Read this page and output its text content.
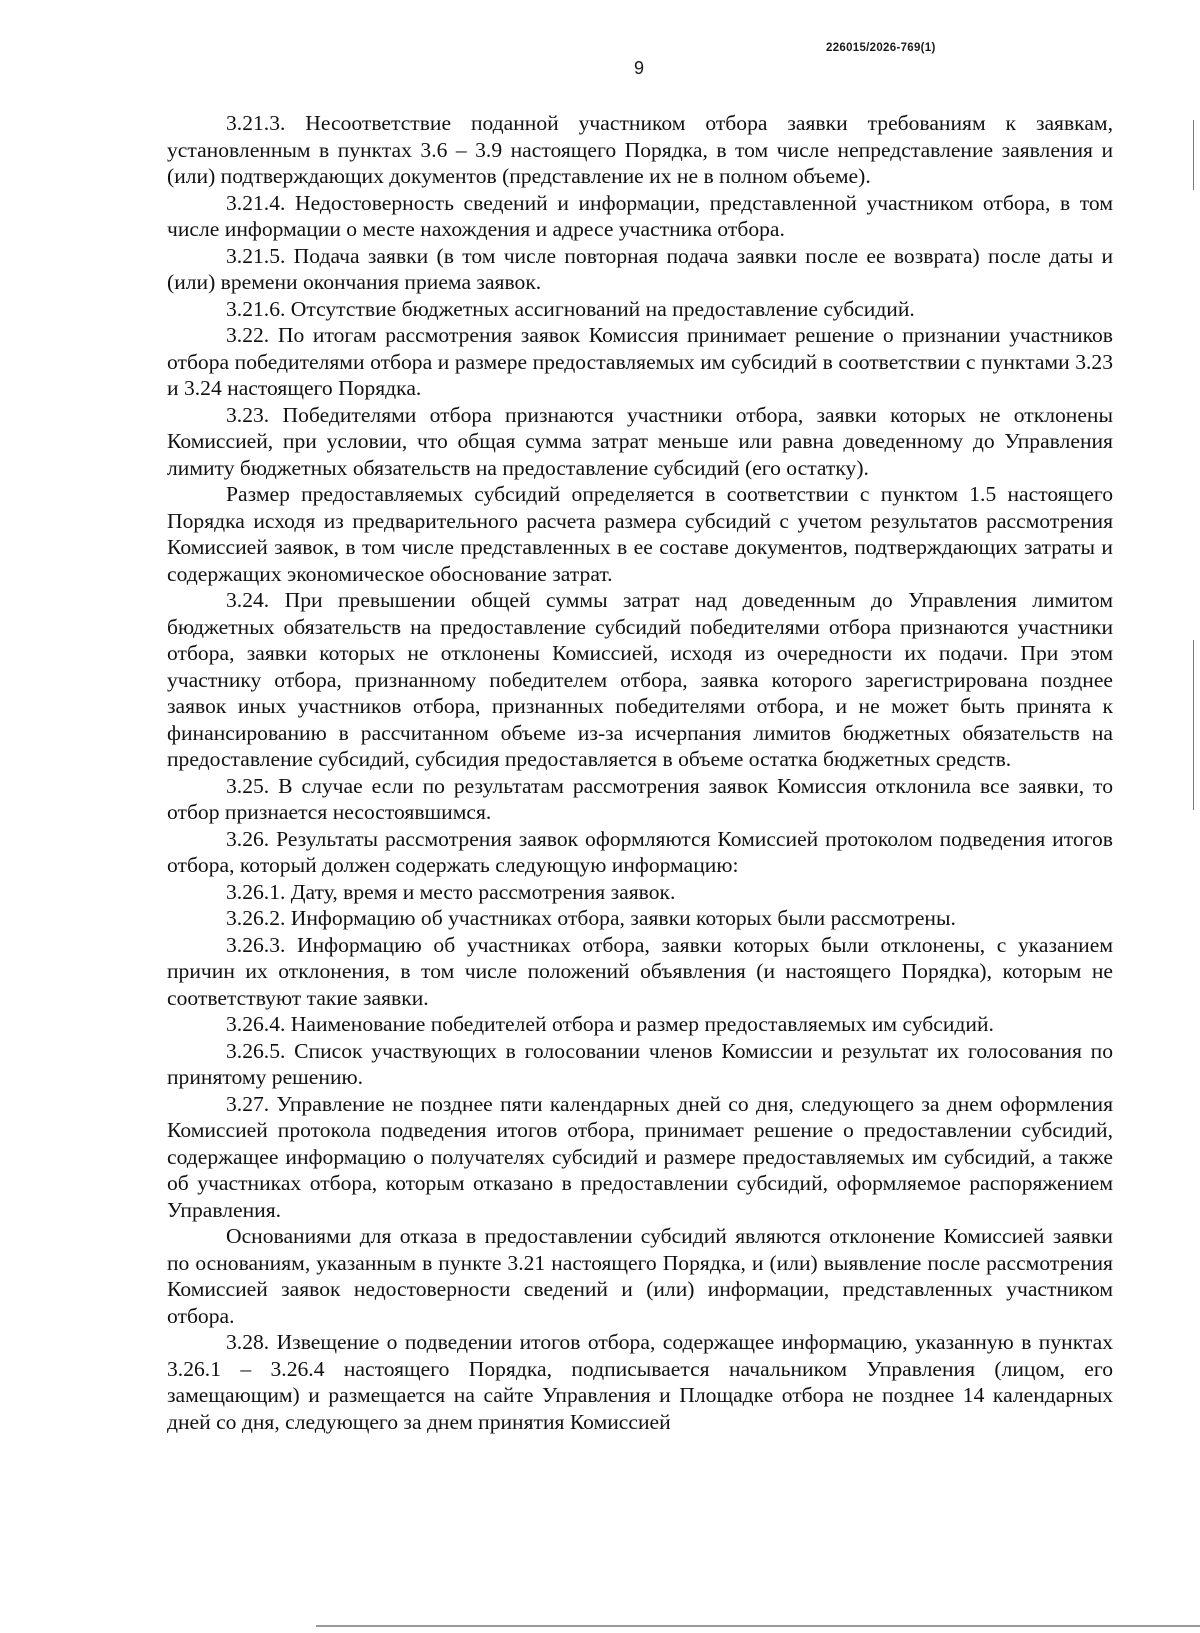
226015/2026-769(1)
9

3.21.3. Несоответствие поданной участником отбора заявки требованиям к заявкам, установленным в пунктах 3.6 – 3.9 настоящего Порядка, в том числе непредставление заявления и (или) подтверждающих документов (представление их не в полном объеме).

3.21.4. Недостоверность сведений и информации, представленной участником отбора, в том числе информации о месте нахождения и адресе участника отбора.

3.21.5. Подача заявки (в том числе повторная подача заявки после ее возврата) после даты и (или) времени окончания приема заявок.

3.21.6. Отсутствие бюджетных ассигнований на предоставление субсидий.

3.22. По итогам рассмотрения заявок Комиссия принимает решение о признании участников отбора победителями отбора и размере предоставляемых им субсидий в соответствии с пунктами 3.23 и 3.24 настоящего Порядка.

3.23. Победителями отбора признаются участники отбора, заявки которых не отклонены Комиссией, при условии, что общая сумма затрат меньше или равна доведенному до Управления лимиту бюджетных обязательств на предоставление субсидий (его остатку).

Размер предоставляемых субсидий определяется в соответствии с пунктом 1.5 настоящего Порядка исходя из предварительного расчета размера субсидий с учетом результатов рассмотрения Комиссией заявок, в том числе представленных в ее составе документов, подтверждающих затраты и содержащих экономическое обоснование затрат.

3.24. При превышении общей суммы затрат над доведенным до Управления лимитом бюджетных обязательств на предоставление субсидий победителями отбора признаются участники отбора, заявки которых не отклонены Комиссией, исходя из очередности их подачи. При этом участнику отбора, признанному победителем отбора, заявка которого зарегистрирована позднее заявок иных участников отбора, признанных победителями отбора, и не может быть принята к финансированию в рассчитанном объеме из-за исчерпания лимитов бюджетных обязательств на предоставление субсидий, субсидия предоставляется в объеме остатка бюджетных средств.

3.25. В случае если по результатам рассмотрения заявок Комиссия отклонила все заявки, то отбор признается несостоявшимся.

3.26. Результаты рассмотрения заявок оформляются Комиссией протоколом подведения итогов отбора, который должен содержать следующую информацию:

3.26.1. Дату, время и место рассмотрения заявок.

3.26.2. Информацию об участниках отбора, заявки которых были рассмотрены.

3.26.3. Информацию об участниках отбора, заявки которых были отклонены, с указанием причин их отклонения, в том числе положений объявления (и настоящего Порядка), которым не соответствуют такие заявки.

3.26.4. Наименование победителей отбора и размер предоставляемых им субсидий.

3.26.5. Список участвующих в голосовании членов Комиссии и результат их голосования по принятому решению.

3.27. Управление не позднее пяти календарных дней со дня, следующего за днем оформления Комиссией протокола подведения итогов отбора, принимает решение о предоставлении субсидий, содержащее информацию о получателях субсидий и размере предоставляемых им субсидий, а также об участниках отбора, которым отказано в предоставлении субсидий, оформляемое распоряжением Управления.

Основаниями для отказа в предоставлении субсидий являются отклонение Комиссией заявки по основаниям, указанным в пункте 3.21 настоящего Порядка, и (или) выявление после рассмотрения Комиссией заявок недостоверности сведений и (или) информации, представленных участником отбора.

3.28. Извещение о подведении итогов отбора, содержащее информацию, указанную в пунктах 3.26.1 – 3.26.4 настоящего Порядка, подписывается начальником Управления (лицом, его замещающим) и размещается на сайте Управления и Площадке отбора не позднее 14 календарных дней со дня, следующего за днем принятия Комиссией
